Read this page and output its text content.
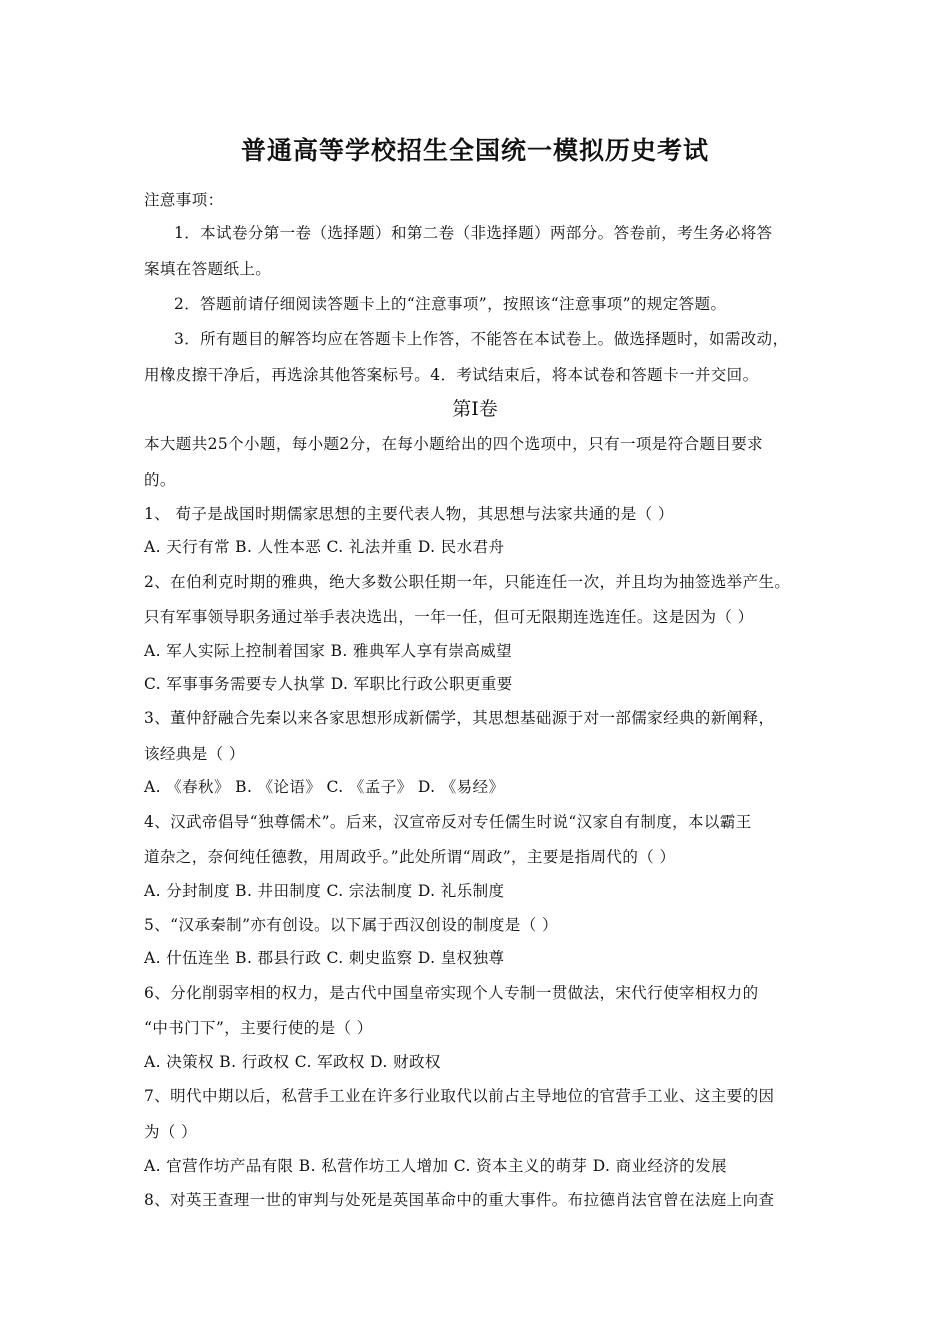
普通高等学校招生全国统一模拟历史考试
注意事项：
1．本试卷分第一卷（选择题）和第二卷（非选择题）两部分。答卷前，考生务必将答
案填在答题纸上。
2．答题前请仔细阅读答题卡上的“注意事项”，按照该“注意事项”的规定答题。
3．所有题目的解答均应在答题卡上作答，不能答在本试卷上。做选择题时，如需改动，
用橡皮擦干净后，再选涂其他答案标号。4．考试结束后，将本试卷和答题卡一并交回。
第Ⅰ卷
本大题共25个小题，每小题2分，在每小题给出的四个选项中，只有一项是符合题目要求
的。
1、 荀子是战国时期儒家思想的主要代表人物，其思想与法家共通的是（ ）
A. 天行有常 B. 人性本恶 C. 礼法并重 D. 民水君舟
2、在伯利克时期的雅典，绝大多数公职任期一年，只能连任一次，并且均为抽签选举产生。
只有军事领导职务通过举手表决选出，一年一任，但可无限期连选连任。这是因为（ ）
A. 军人实际上控制着国家 B. 雅典军人享有崇高威望
C. 军事事务需要专人执掌 D. 军职比行政公职更重要
3、董仲舒融合先秦以来各家思想形成新儒学，其思想基础源于对一部儒家经典的新阐释，
该经典是（ ）
A. 《春秋》 B. 《论语》 C. 《孟子》 D. 《易经》
4、汉武帝倡导“独尊儒术”。后来，汉宣帝反对专任儒生时说“汉家自有制度，本以霸王
道杂之，奈何纯任德教，用周政乎。”此处所谓“周政”，主要是指周代的（ ）
A. 分封制度 B. 井田制度 C. 宗法制度 D. 礼乐制度
5、“汉承秦制”亦有创设。以下属于西汉创设的制度是（ ）
A. 什伍连坐 B. 郡县行政 C. 刺史监察 D. 皇权独尊
6、分化削弱宰相的权力，是古代中国皇帝实现个人专制一贯做法，宋代行使宰相权力的
“中书门下”，主要行使的是（ ）
A. 决策权 B. 行政权 C. 军政权 D. 财政权
7、明代中期以后，私营手工业在许多行业取代以前占主导地位的官营手工业、这主要的因
为（ ）
A. 官营作坊产品有限 B. 私营作坊工人增加 C. 资本主义的萌芽 D. 商业经济的发展
8、对英王查理一世的审判与处死是英国革命中的重大事件。布拉德肖法官曾在法庭上向查
